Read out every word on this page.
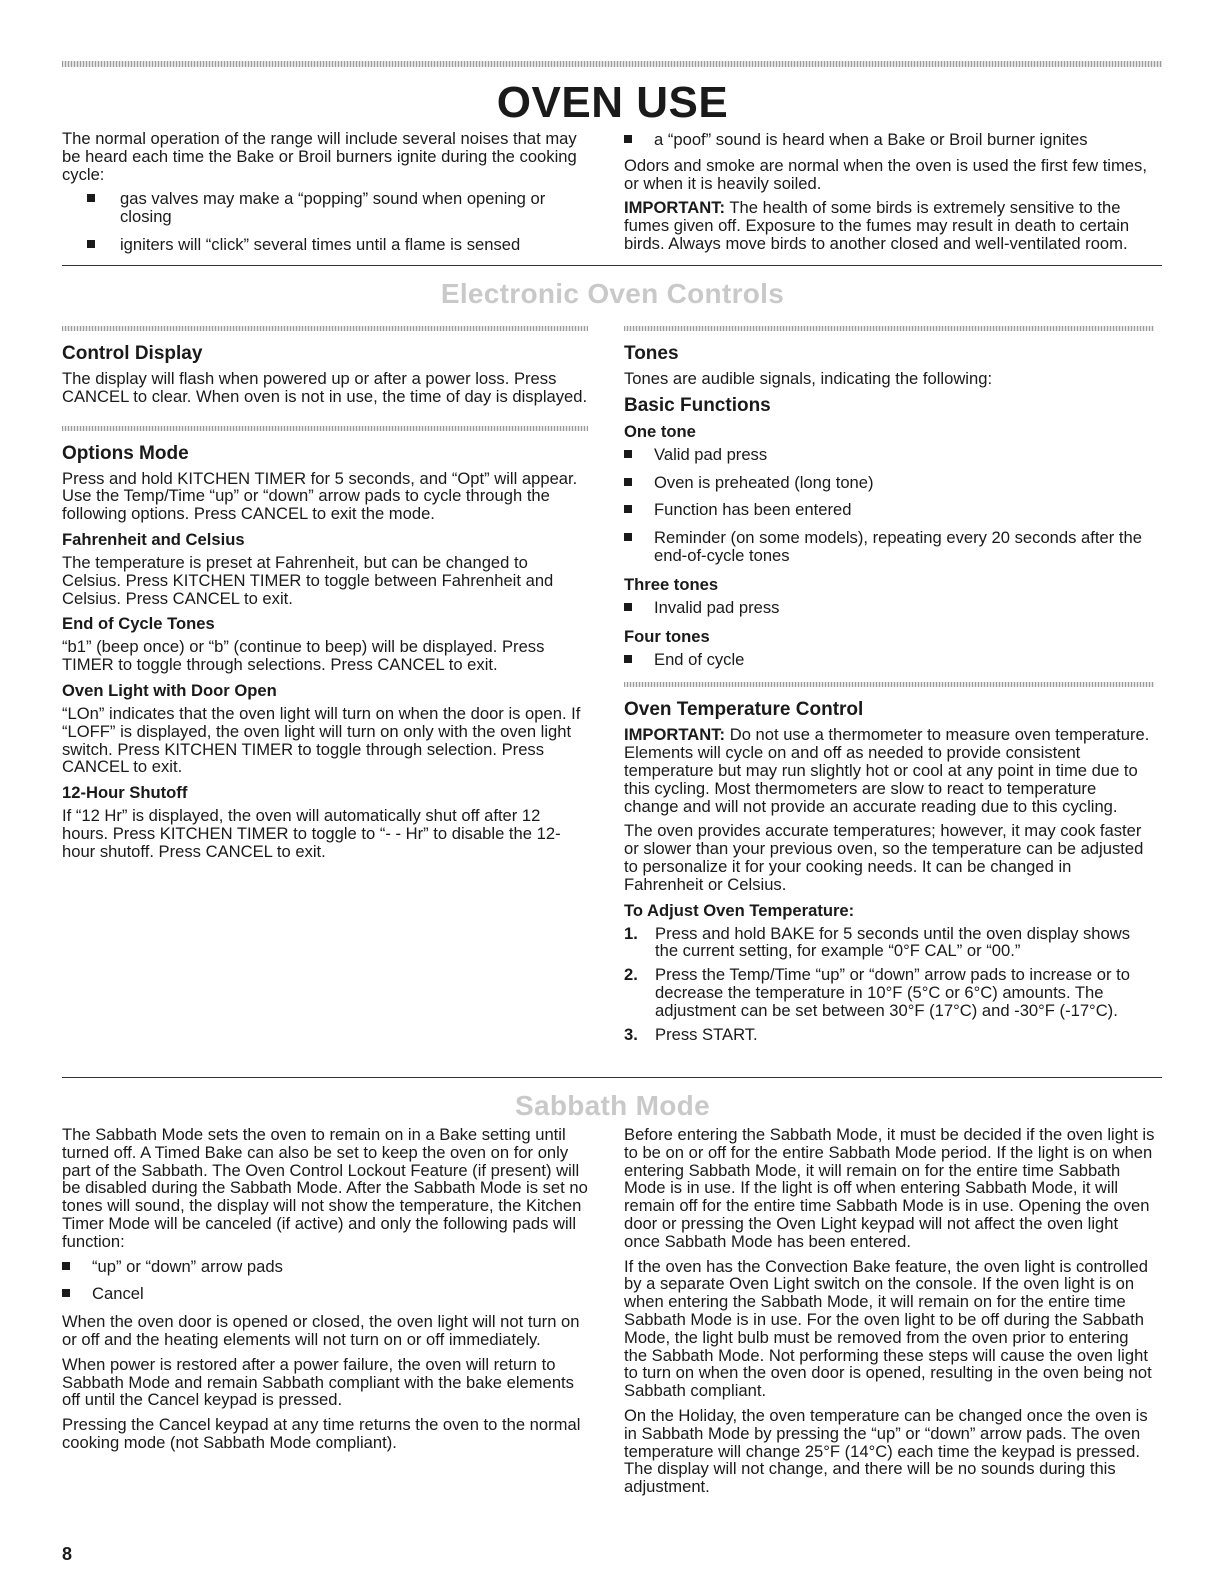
OVEN USE

The normal operation of the range will include several noises that may be heard each time the Bake or Broil burners ignite during the cooking cycle:

gas valves may make a “popping” sound when opening or closing
igniters will “click” several times until a flame is sensed
a “poof” sound is heard when a Bake or Broil burner ignites

Odors and smoke are normal when the oven is used the first few times, or when it is heavily soiled.

IMPORTANT: The health of some birds is extremely sensitive to the fumes given off. Exposure to the fumes may result in death to certain birds. Always move birds to another closed and well-ventilated room.

Electronic Oven Controls
Control Display

The display will flash when powered up or after a power loss. Press CANCEL to clear. When oven is not in use, the time of day is displayed.

Options Mode

Press and hold KITCHEN TIMER for 5 seconds, and “Opt” will appear. Use the Temp/Time “up” or “down” arrow pads to cycle through the following options. Press CANCEL to exit the mode.

Fahrenheit and Celsius

The temperature is preset at Fahrenheit, but can be changed to Celsius. Press KITCHEN TIMER to toggle between Fahrenheit and Celsius. Press CANCEL to exit.

End of Cycle Tones

“b1” (beep once) or “b” (continue to beep) will be displayed. Press TIMER to toggle through selections. Press CANCEL to exit.

Oven Light with Door Open

“LOn” indicates that the oven light will turn on when the door is open. If “LOFF” is displayed, the oven light will turn on only with the oven light switch. Press KITCHEN TIMER to toggle through selection. Press CANCEL to exit.

12-Hour Shutoff

If “12 Hr” is displayed, the oven will automatically shut off after 12 hours. Press KITCHEN TIMER to toggle to “- - Hr” to disable the 12-hour shutoff. Press CANCEL to exit.

Tones

Tones are audible signals, indicating the following:

Basic Functions
One tone
Valid pad press
Oven is preheated (long tone)
Function has been entered
Reminder (on some models), repeating every 20 seconds after the end-of-cycle tones
Three tones
Invalid pad press
Four tones
End of cycle
Oven Temperature Control

IMPORTANT: Do not use a thermometer to measure oven temperature. Elements will cycle on and off as needed to provide consistent temperature but may run slightly hot or cool at any point in time due to this cycling. Most thermometers are slow to react to temperature change and will not provide an accurate reading due to this cycling.

The oven provides accurate temperatures; however, it may cook faster or slower than your previous oven, so the temperature can be adjusted to personalize it for your cooking needs. It can be changed in Fahrenheit or Celsius.

To Adjust Oven Temperature:
1. Press and hold BAKE for 5 seconds until the oven display shows the current setting, for example “0°F CAL” or “00.”
2. Press the Temp/Time “up” or “down” arrow pads to increase or to decrease the temperature in 10°F (5°C or 6°C) amounts. The adjustment can be set between 30°F (17°C) and -30°F (-17°C).
3. Press START.
Sabbath Mode

The Sabbath Mode sets the oven to remain on in a Bake setting until turned off. A Timed Bake can also be set to keep the oven on for only part of the Sabbath. The Oven Control Lockout Feature (if present) will be disabled during the Sabbath Mode. After the Sabbath Mode is set no tones will sound, the display will not show the temperature, the Kitchen Timer Mode will be canceled (if active) and only the following pads will function:

“up” or “down” arrow pads
Cancel

When the oven door is opened or closed, the oven light will not turn on or off and the heating elements will not turn on or off immediately.

When power is restored after a power failure, the oven will return to Sabbath Mode and remain Sabbath compliant with the bake elements off until the Cancel keypad is pressed.

Pressing the Cancel keypad at any time returns the oven to the normal cooking mode (not Sabbath Mode compliant).

Before entering the Sabbath Mode, it must be decided if the oven light is to be on or off for the entire Sabbath Mode period. If the light is on when entering Sabbath Mode, it will remain on for the entire time Sabbath Mode is in use. If the light is off when entering Sabbath Mode, it will remain off for the entire time Sabbath Mode is in use. Opening the oven door or pressing the Oven Light keypad will not affect the oven light once Sabbath Mode has been entered.

If the oven has the Convection Bake feature, the oven light is controlled by a separate Oven Light switch on the console. If the oven light is on when entering the Sabbath Mode, it will remain on for the entire time Sabbath Mode is in use. For the oven light to be off during the Sabbath Mode, the light bulb must be removed from the oven prior to entering the Sabbath Mode. Not performing these steps will cause the oven light to turn on when the oven door is opened, resulting in the oven being not Sabbath compliant.

On the Holiday, the oven temperature can be changed once the oven is in Sabbath Mode by pressing the “up” or “down” arrow pads. The oven temperature will change 25°F (14°C) each time the keypad is pressed. The display will not change, and there will be no sounds during this adjustment.

8
